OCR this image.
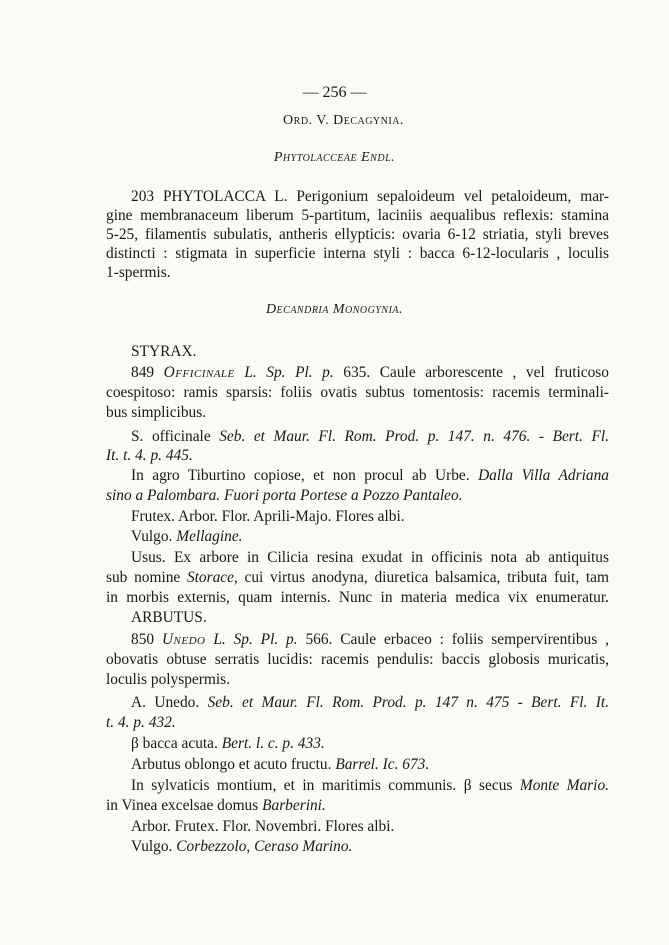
— 256 —
Ord. V. Decagynia.
Phytolacceae Endl.
203 PHYTOLACCA L. Perigonium sepaloideum vel petaloideum, mar-
gine membranaceum liberum 5-partitum, laciniis aequalibus reflexis: stamina
5-25, filamentis subulatis, antheris ellypticis: ovaria 6-12 striatia, styli breves
distincti : stigmata in superficie interna styli : bacca 6-12-locularis , loculis
1-spermis.
Decandria Monogynia.
STYRAX.
849 Officinale L. Sp. Pl. p. 635. Caule arborescente , vel fruticoso
coespitoso: ramis sparsis: foliis ovatis subtus tomentosis: racemis terminali-
bus simplicibus.
S. officinale Seb. et Maur. Fl. Rom. Prod. p. 147. n. 476. - Bert. Fl.
It. t. 4. p. 445.
In agro Tiburtino copiose, et non procul ab Urbe. Dalla Villa Adriana
sino a Palombara. Fuori porta Portese a Pozzo Pantaleo.
Frutex. Arbor. Flor. Aprili-Majo. Flores albi.
Vulgo. Mellagine.
Usus. Ex arbore in Cilicia resina exudat in officinis nota ab antiquitus
sub nomine Storace, cui virtus anodyna, diuretica balsamica, tributa fuit, tam
in morbis externis, quam internis. Nunc in materia medica vix enumeratur.
ARBUTUS.
850 Unedo L. Sp. Pl. p. 566. Caule erbaceo : foliis sempervirentibus ,
obovatis obtuse serratis lucidis: racemis pendulis: baccis globosis muricatis,
loculis polyspermis.
A. Unedo. Seb. et Maur. Fl. Rom. Prod. p. 147 n. 475 - Bert. Fl. It.
t. 4. p. 432.
β bacca acuta. Bert. l. c. p. 433.
Arbutus oblongo et acuto fructu. Barrel. Ic. 673.
In sylvaticis montium, et in maritimis communis. β secus Monte Mario.
in Vinea excelsae domus Barberini.
Arbor. Frutex. Flor. Novembri. Flores albi.
Vulgo. Corbezzolo, Ceraso Marino.
